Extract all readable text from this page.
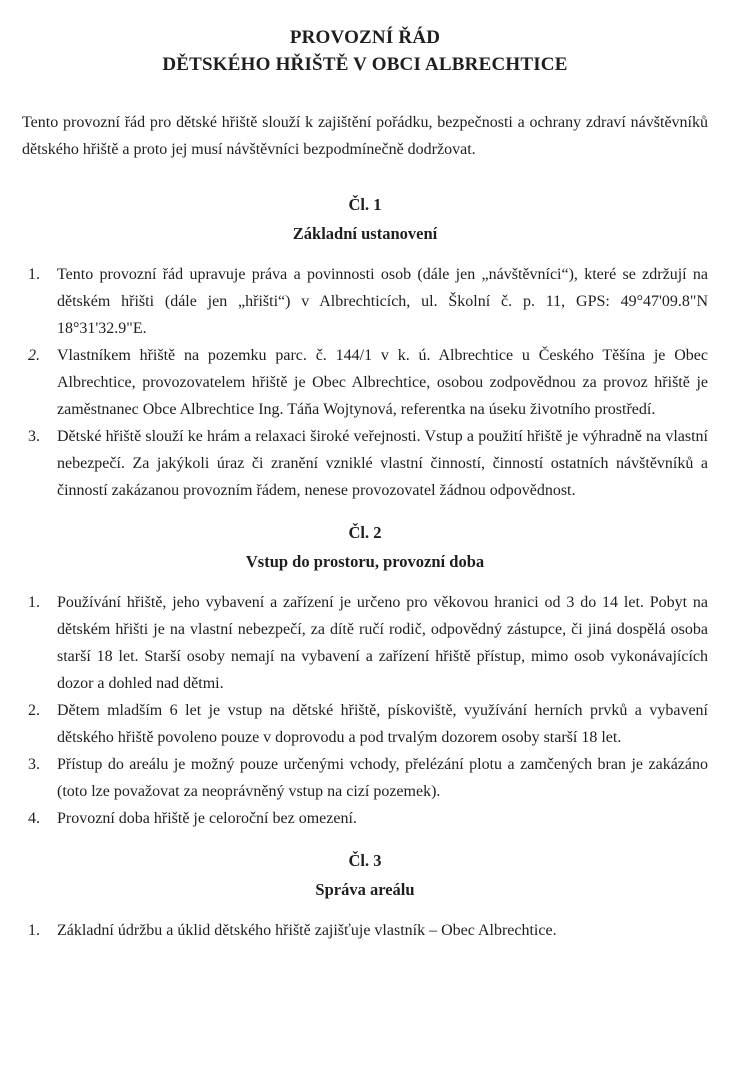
PROVOZNÍ ŘÁD
DĚTSKÉHO HŘIŠTĚ V OBCI ALBRECHTICE

Tento provozní řád pro dětské hřiště slouží k zajištění pořádku, bezpečnosti a ochrany zdraví návštěvníků dětského hřiště a proto jej musí návštěvníci bezpodmínečně dodržovat.

Čl. 1
Základní ustanovení
1.	Tento provozní řád upravuje práva a povinnosti osob (dále jen „návštěvníci“), které se zdržují na dětském hřišti (dále jen „hřišti“) v Albrechticích, ul. Školní č. p. 11, GPS: 49°47'09.8"N 18°31'32.9"E.
2.	Vlastníkem hřiště na pozemku parc. č. 144/1 v k. ú. Albrechtice u Českého Těšína je Obec Albrechtice, provozovatelem hřiště je Obec Albrechtice, osobou zodpovědnou za provoz hřiště je zaměstnanec Obce Albrechtice Ing. Táňa Wojtynová, referentka na úseku životního prostředí.
3.	Dětské hřiště slouží ke hrám a relaxaci široké veřejnosti. Vstup a použití hřiště je výhradně na vlastní nebezpečí. Za jakýkoli úraz či zranění vzniklé vlastní činností, činností ostatních návštěvníků a činností zakázanou provozním řádem, nenese provozovatel žádnou odpovědnost.
Čl. 2
Vstup do prostoru, provozní doba
1.	Používání hřiště, jeho vybavení a zařízení je určeno pro věkovou hranici od 3 do 14 let. Pobyt na dětském hřišti je na vlastní nebezpečí, za dítě ručí rodič, odpovědný zástupce, či jiná dospělá osoba starší 18 let. Starší osoby nemají na vybavení a zařízení hřiště přístup, mimo osob vykonávajících dozor a dohled nad dětmi.
2.	Dětem mladším 6 let je vstup na dětské hřiště, pískoviště, využívání herních prvků a vybavení dětského hřiště povoleno pouze v doprovodu a pod trvalým dozorem osoby starší 18 let.
3.	Přístup do areálu je možný pouze určenými vchody, přelézání plotu a zamčených bran je zakázáno (toto lze považovat za neoprávněný vstup na cizí pozemek).
4.	Provozní doba hřiště je celoroční bez omezení.
Čl. 3
Správa areálu
1.	Základní údržbu a úklid dětského hřiště zajišťuje vlastník – Obec Albrechtice.
